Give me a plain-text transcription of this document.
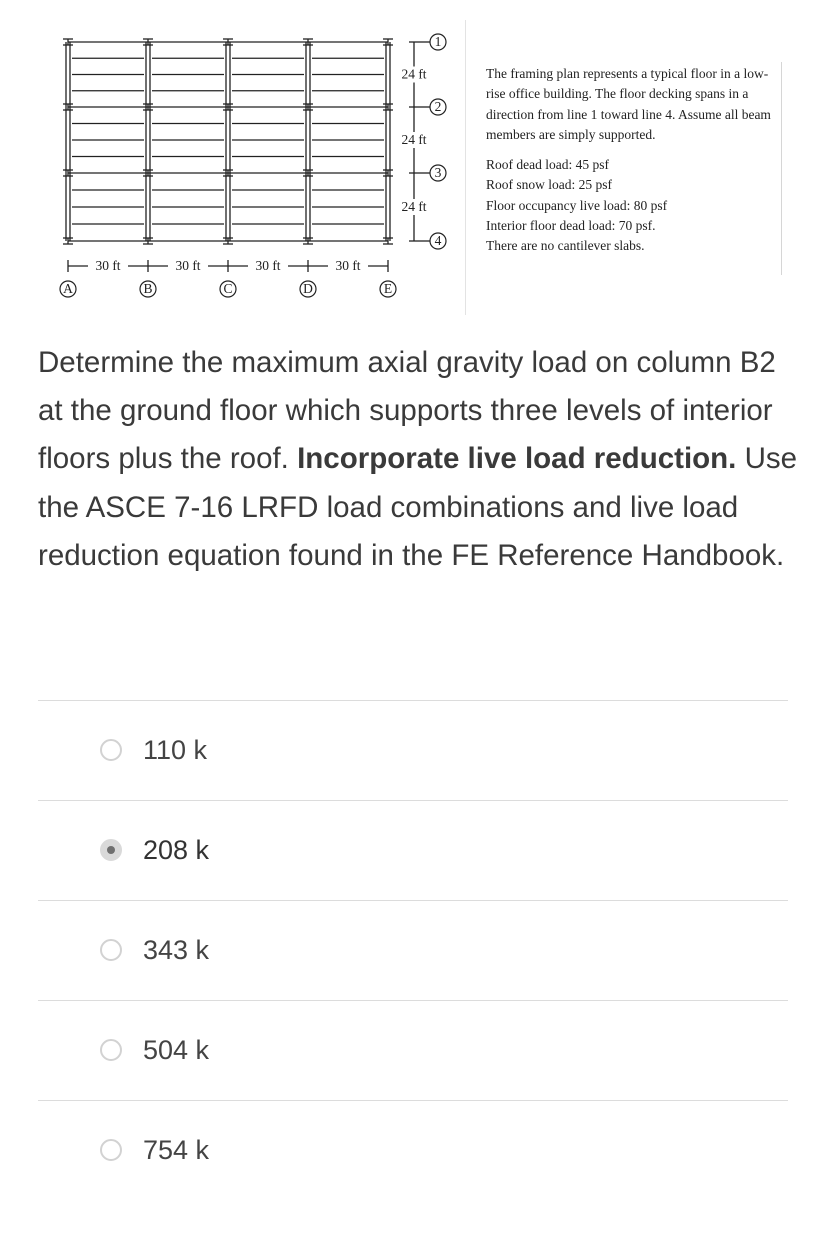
30 ft	30 ft	30 ft	30 ft
24 ft
24 ft
24 ft
1
2
3
4
A	B	C	D	E

The framing plan represents a typical floor in a low-rise office building. The floor decking spans in a direction from line 1 toward line 4. Assume all beam members are simply supported.

Roof dead load: 45 psf

Roof snow load: 25 psf

Floor occupancy live load: 80 psf

Interior floor dead load: 70 psf.

There are no cantilever slabs.

Determine the maximum axial gravity load on column B2 at the ground floor which supports three levels of interior floors plus the roof. Incorporate live load reduction. Use the ASCE 7-16 LRFD load combinations and live load reduction equation found in the FE Reference Handbook.
110 k
208 k
343 k
504 k
754 k
